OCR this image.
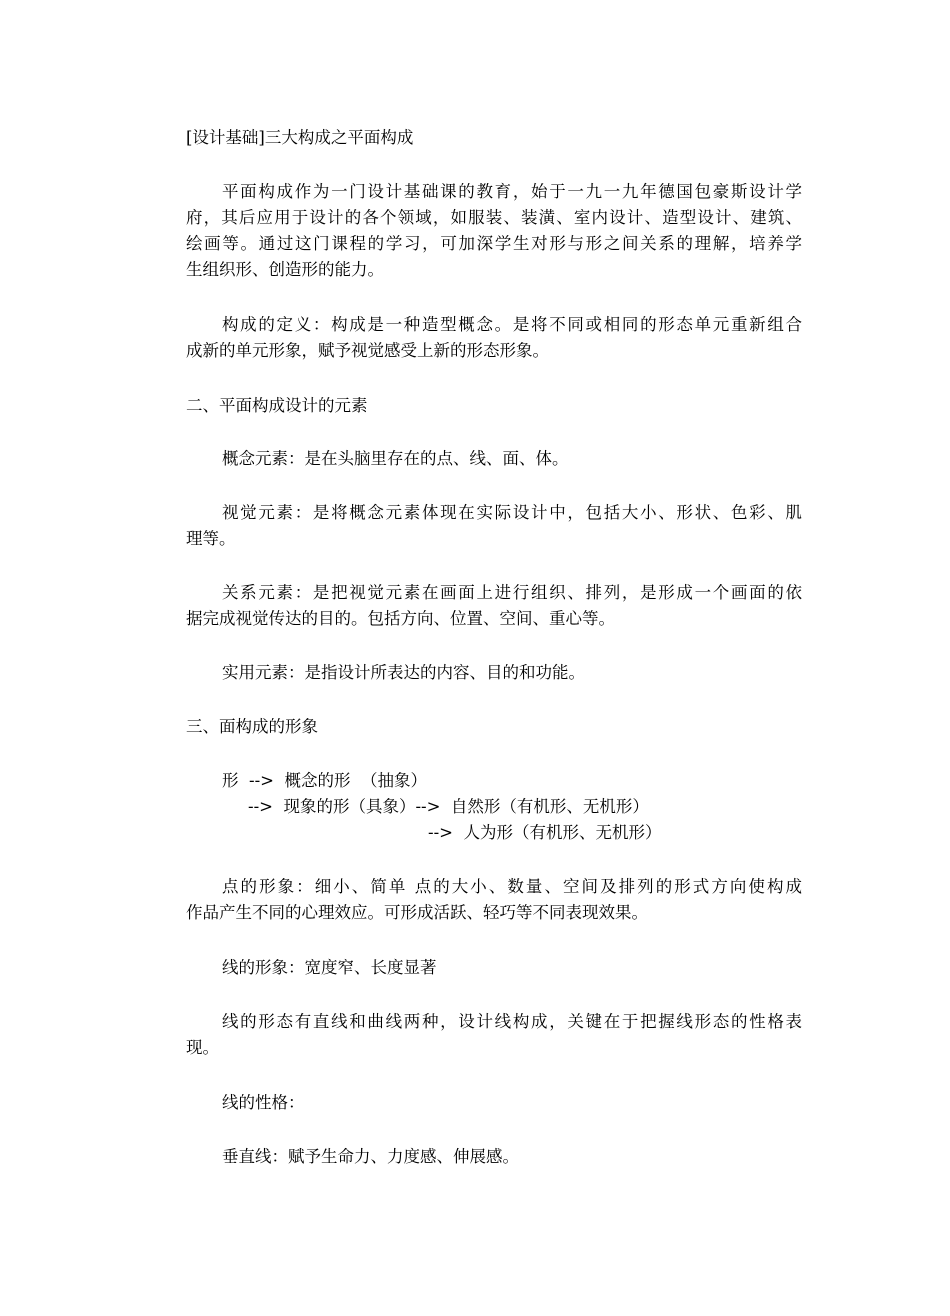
[设计基础]三大构成之平面构成
平面构成作为一门设计基础课的教育，始于一九一九年德国包豪斯设计学
府，其后应用于设计的各个领域，如服装、装潢、室内设计、造型设计、建筑、
绘画等。通过这门课程的学习，可加深学生对形与形之间关系的理解，培养学
生组织形、创造形的能力。
构成的定义：构成是一种造型概念。是将不同或相同的形态单元重新组合
成新的单元形象，赋予视觉感受上新的形态形象。
二、平面构成设计的元素
概念元素：是在头脑里存在的点、线、面、体。
视觉元素：是将概念元素体现在实际设计中，包括大小、形状、色彩、肌
理等。
关系元素：是把视觉元素在画面上进行组织、排列，是形成一个画面的依
据完成视觉传达的目的。包括方向、位置、空间、重心等。
实用元素：是指设计所表达的内容、目的和功能。
三、面构成的形象
形  -->  概念的形  （抽象）
-->  现象的形（具象）-->  自然形（有机形、无机形）
-->  人为形（有机形、无机形）
点的形象：细小、简单 点的大小、数量、空间及排列的形式方向使构成
作品产生不同的心理效应。可形成活跃、轻巧等不同表现效果。
线的形象：宽度窄、长度显著
线的形态有直线和曲线两种，设计线构成，关键在于把握线形态的性格表
现。
线的性格：
垂直线：赋予生命力、力度感、伸展感。
